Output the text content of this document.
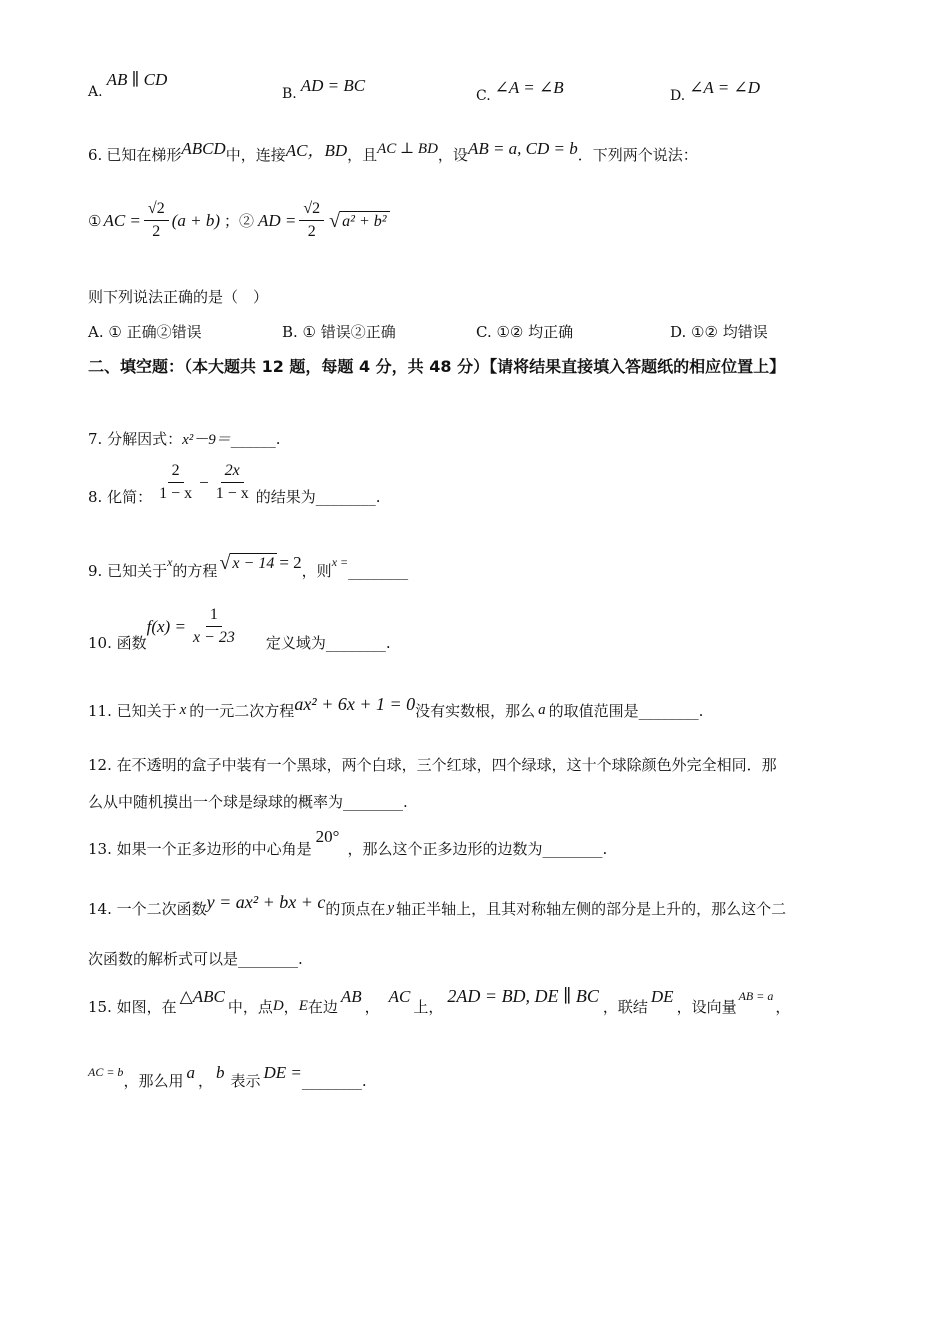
A.
AB ∥ CD
B. AD = BC
C. ∠A = ∠B	D. ∠A = ∠D
6. 已知在梯形 ABCD 中，连接 AC，BD ，且 AC ⊥ BD ，设 AB = a, CD = b ．下列两个说法：
① AC = $\frac{√2}{2} (a + b)$ ；② AD = $\frac{√2}{2}$ √ a² + b²
则下列说法正确的是（　）
A. ① 正确②错误	B. ① 错误②正确	C. ①② 均正确	D. ①② 均错误
二、填空题：（本大题共 12 题，每题 4 分，共 48 分）【请将结果直接填入答题纸的相应位置上】
7. 分解因式： x²－9＝ ______ .
8. 化简： $\frac{2}{1 - x} - \frac{2x}{1 - x}$ 的结果为 ________ .
9. 已知关于 x 的方程 √ x − 14 = 2 ，则 x = ________
10. 函数
$f(x) = \frac{1}{x - 23}$ 定义域为 ________ .
11. 已知关于 x 的一元二次方程 ax² + 6x + 1 = 0 没有实数根，那么 a 的取值范围是 ________ .
12. 在不透明的盒子中装有一个黑球，两个白球，三个红球，四个绿球，这十个球除颜色外完全相同．那
么从中随机摸出一个球是绿球的概率为 ________ .
13. 如果一个正多边形的中心角是
20°
，那么这个正多边形的边数为 ________ .
14. 一个二次函数 y = ax² + bx + c 的顶点在 y 轴正半轴上，且其对称轴左侧的部分是上升的，那么这个二
次函数的解析式可以是 ________ .
15. 如图，在
△ABC
中，点 D ， E 在边
AB
，
AC
上，
2AD = BD, DE ∥ BC
，联结
DE
，设向量
AB = a
，
AC = b ，那么用 a ， b 表示 DE = ________ .
